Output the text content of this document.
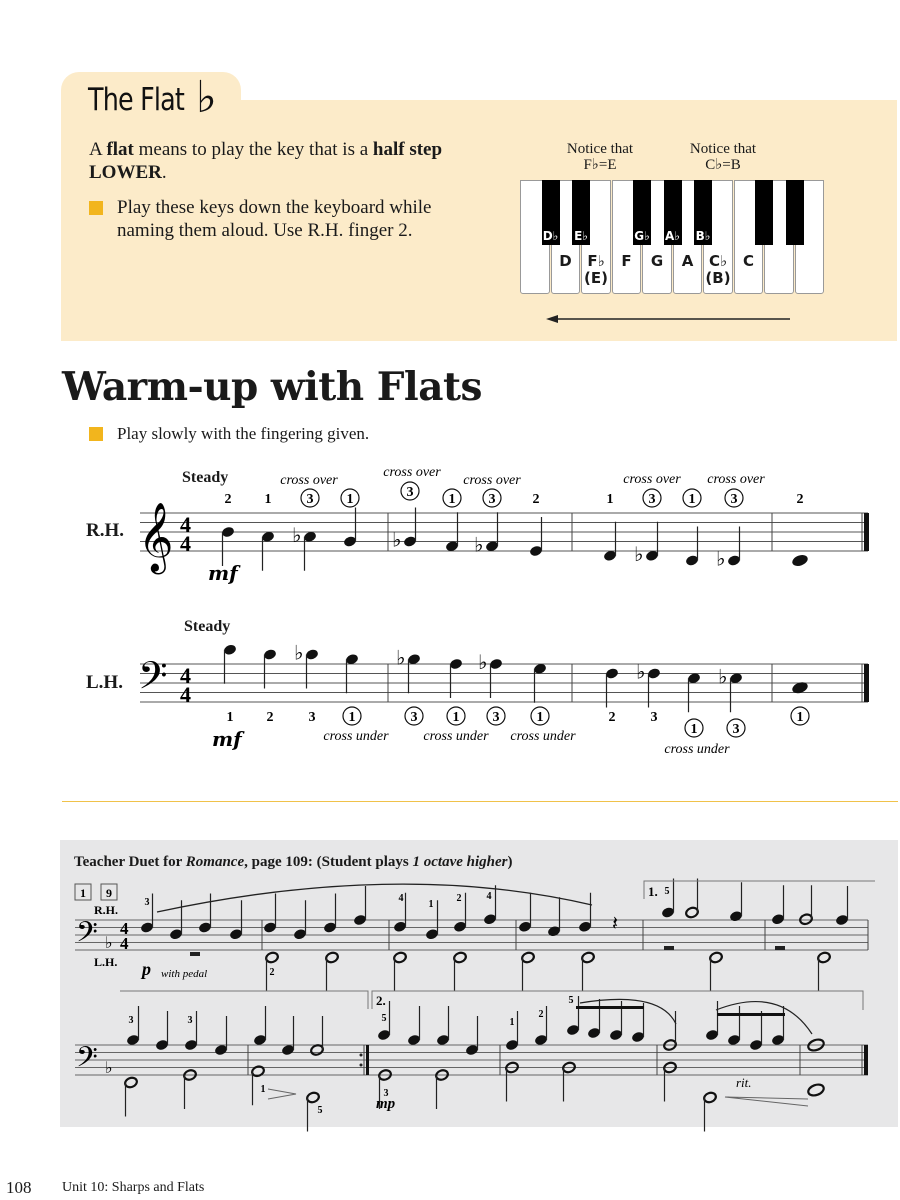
The Flat ♭
A flat means to play the key that is a half step LOWER.
Play these keys down the keyboard while naming them aloud. Use R.H. finger 2.
Notice that
F♭=E
Notice that
C♭=B
D	F♭
(E)
F	G	A	C♭
(B)
C
D♭ E♭	G♭ A♭ B♭
Warm-up with Flats
Play slowly with the fingering given.
R.H.
Steady
L.H.
Steady
𝄞 4
4	♭	♭	♭	♭	♭
2 1	3 1	3	1 3	2	1	3 1	3	2
cross over
cross over
cross over	cross over cross over
mf
𝄢 4
4
♭	♭	♭	♭	♭
1 2	3 1	3	1 3	1	2	3
1	3
1
cross under cross under cross under
cross under
mf
Teacher Duet for Romance, page 109: (Student plays 1 octave higher)
1 9
R.H.
L.H.
𝄢 ♭
4
4
𝄽
1.
p with pedal
3
2
4
1
2	4	5
𝄢 ♭
2.
mp
rit.
3	3	5
1
5
3
1
2
5
108 Unit 10: Sharps and Flats
